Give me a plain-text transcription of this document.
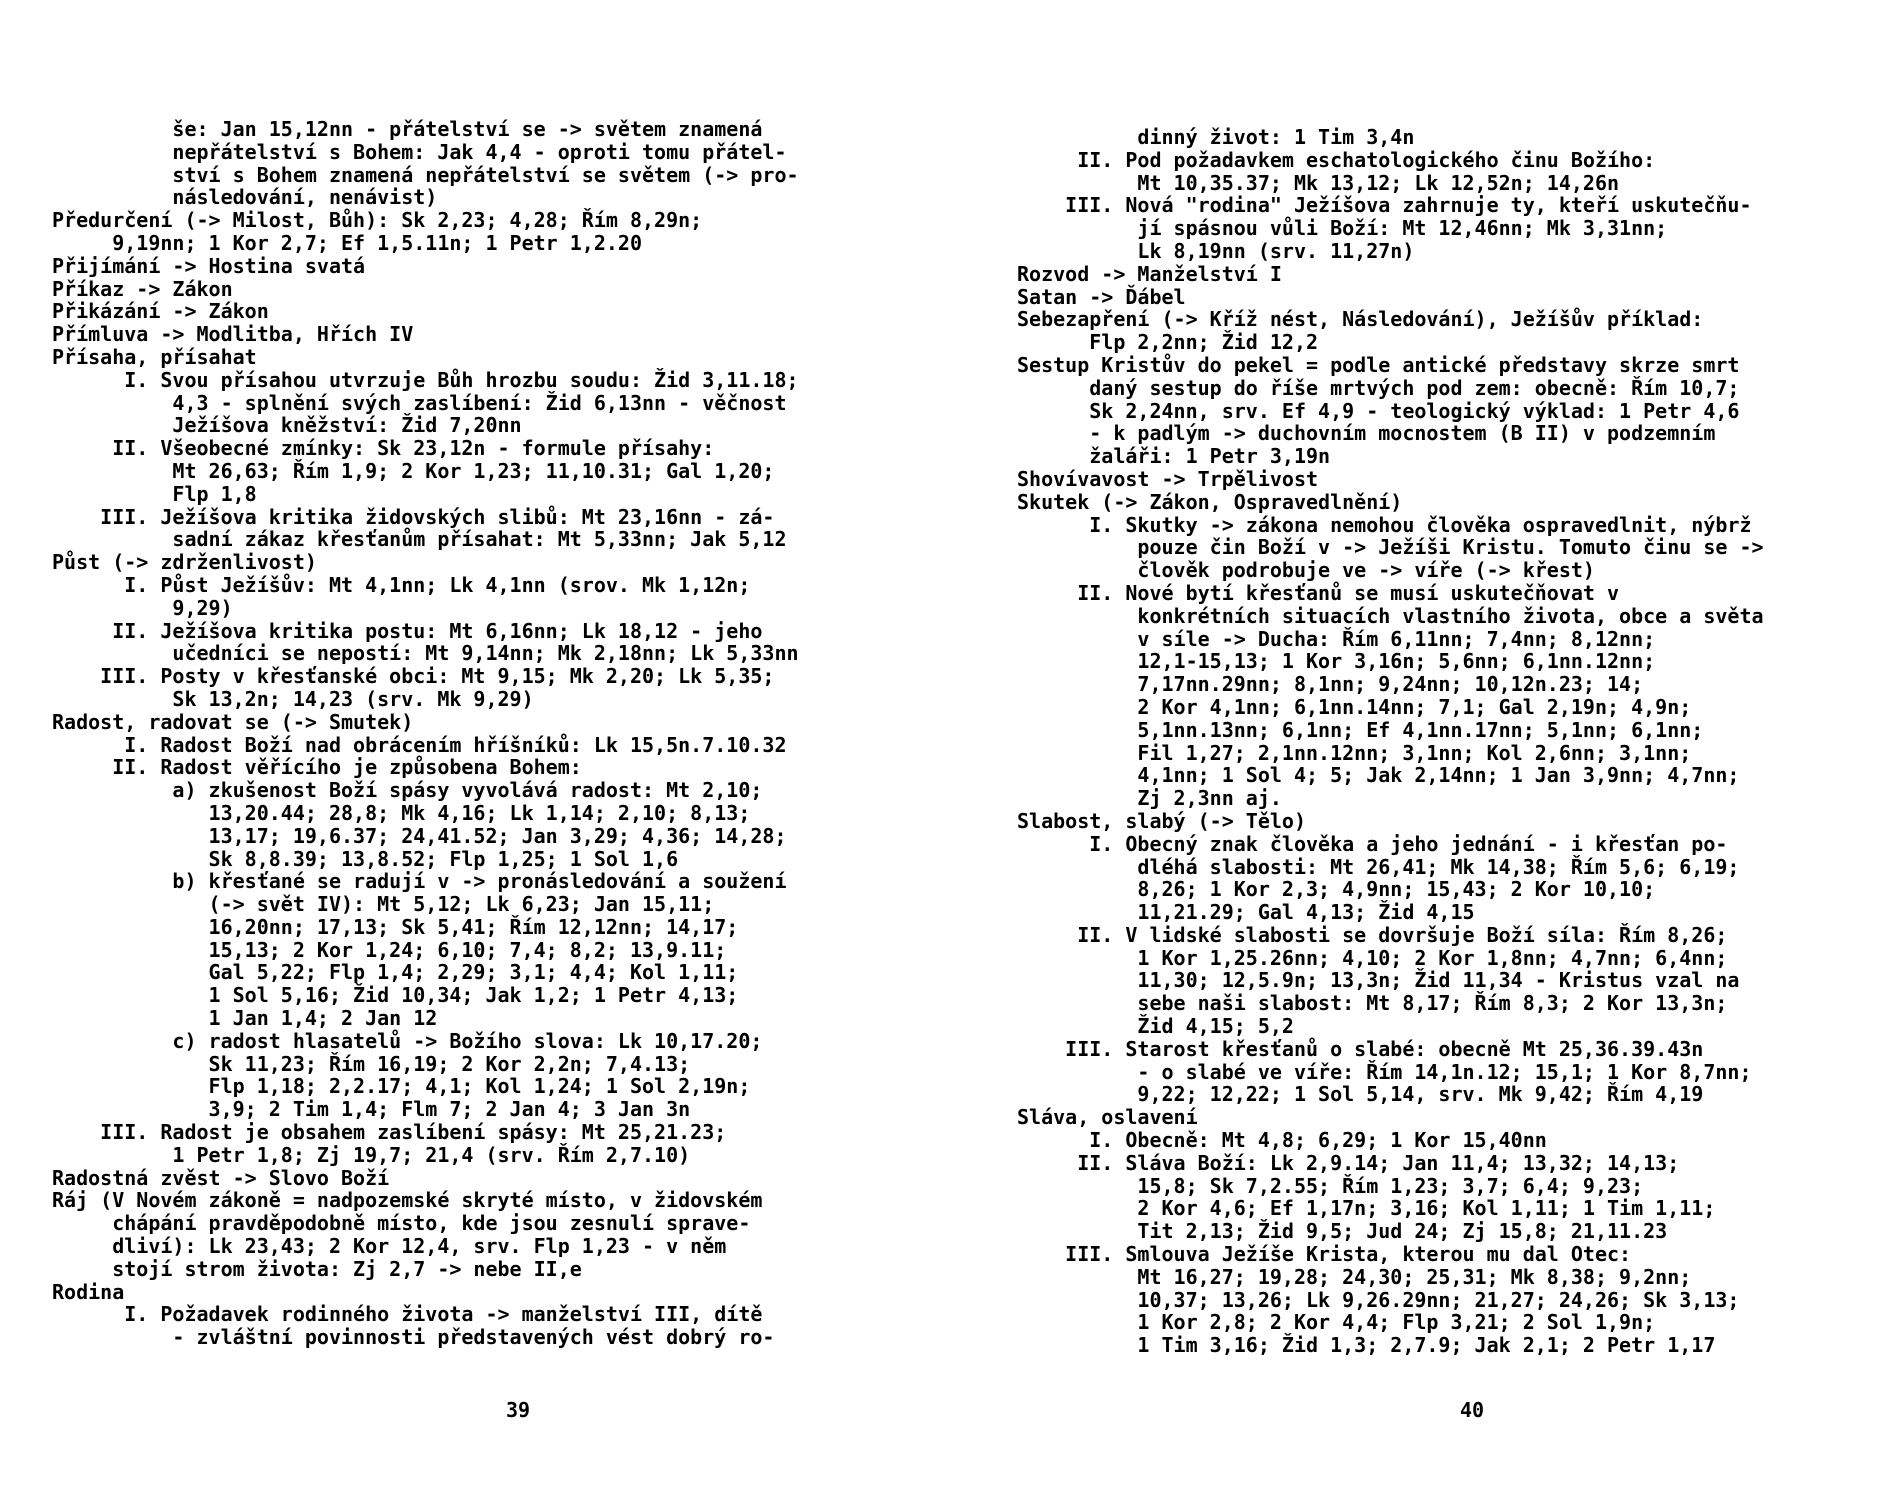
še: Jan 15,12nn - přátelství se -> světem znamená
nepřátelství s Bohem: Jak 4,4 - oproti tomu přátel-
ství s Bohem znamená nepřátelství se světem (-> pro-
následování, nenávist)
Předurčení (-> Milost, Bůh): Sk 2,23; 4,28; Řím 8,29n;
9,19nn; 1 Kor 2,7; Ef 1,5.11n; 1 Petr 1,2.20
Přijímání -> Hostina svatá
Příkaz -> Zákon
Přikázání -> Zákon
Přímluva -> Modlitba, Hřích IV
Přísaha, přísahat
I. Svou přísahou utvrzuje Bůh hrozbu soudu: Žid 3,11.18;
4,3 - splnění svých zaslíbení: Žid 6,13nn - věčnost
Ježíšova kněžství: Žid 7,20nn
II. Všeobecné zmínky: Sk 23,12n - formule přísahy:
Mt 26,63; Řím 1,9; 2 Kor 1,23; 11,10.31; Gal 1,20;
Flp 1,8
III. Ježíšova kritika židovských slibů: Mt 23,16nn - zá-
sadní zákaz křesťanům přísahat: Mt 5,33nn; Jak 5,12
Půst (-> zdrženlivost)
I. Půst Ježíšův: Mt 4,1nn; Lk 4,1nn (srov. Mk 1,12n;
9,29)
II. Ježíšova kritika postu: Mt 6,16nn; Lk 18,12 - jeho
učedníci se nepostí: Mt 9,14nn; Mk 2,18nn; Lk 5,33nn
III. Posty v křesťanské obci: Mt 9,15; Mk 2,20; Lk 5,35;
Sk 13,2n; 14,23 (srv. Mk 9,29)
Radost, radovat se (-> Smutek)
I. Radost Boží nad obrácením hříšníků: Lk 15,5n.7.10.32
II. Radost věřícího je způsobena Bohem:
a) zkušenost Boží spásy vyvolává radost: Mt 2,10;
13,20.44; 28,8; Mk 4,16; Lk 1,14; 2,10; 8,13;
13,17; 19,6.37; 24,41.52; Jan 3,29; 4,36; 14,28;
Sk 8,8.39; 13,8.52; Flp 1,25; 1 Sol 1,6
b) křesťané se radují v -> pronásledování a soužení
(-> svět IV): Mt 5,12; Lk 6,23; Jan 15,11;
16,20nn; 17,13; Sk 5,41; Řím 12,12nn; 14,17;
15,13; 2 Kor 1,24; 6,10; 7,4; 8,2; 13,9.11;
Gal 5,22; Flp 1,4; 2,29; 3,1; 4,4; Kol 1,11;
1 Sol 5,16; Žid 10,34; Jak 1,2; 1 Petr 4,13;
1 Jan 1,4; 2 Jan 12
c) radost hlasatelů -> Božího slova: Lk 10,17.20;
Sk 11,23; Řím 16,19; 2 Kor 2,2n; 7,4.13;
Flp 1,18; 2,2.17; 4,1; Kol 1,24; 1 Sol 2,19n;
3,9; 2 Tim 1,4; Flm 7; 2 Jan 4; 3 Jan 3n
III. Radost je obsahem zaslíbení spásy: Mt 25,21.23;
1 Petr 1,8; Zj 19,7; 21,4 (srv. Řím 2,7.10)
Radostná zvěst -> Slovo Boží
Ráj (V Novém zákoně = nadpozemské skryté místo, v židovském
chápání pravděpodobně místo, kde jsou zesnulí sprave-
dliví): Lk 23,43; 2 Kor 12,4, srv. Flp 1,23 - v něm
stojí strom života: Zj 2,7 -> nebe II,e
Rodina
I. Požadavek rodinného života -> manželství III, dítě
- zvláštní povinnosti představených vést dobrý ro-
39
dinný život: 1 Tim 3,4n
II. Pod požadavkem eschatologického činu Božího:
Mt 10,35.37; Mk 13,12; Lk 12,52n; 14,26n
III. Nová "rodina" Ježíšova zahrnuje ty, kteří uskutečňu-
jí spásnou vůli Boží: Mt 12,46nn; Mk 3,31nn;
Lk 8,19nn (srv. 11,27n)
Rozvod -> Manželství I
Satan -> Ďábel
Sebezapření (-> Kříž nést, Následování), Ježíšův příklad:
Flp 2,2nn; Žid 12,2
Sestup Kristův do pekel = podle antické představy skrze smrt
daný sestup do říše mrtvých pod zem: obecně: Řím 10,7;
Sk 2,24nn, srv. Ef 4,9 - teologický výklad: 1 Petr 4,6
- k padlým -> duchovním mocnostem (B II) v podzemním
žaláři: 1 Petr 3,19n
Shovívavost -> Trpělivost
Skutek (-> Zákon, Ospravedlnění)
I. Skutky -> zákona nemohou člověka ospravedlnit, nýbrž
pouze čin Boží v -> Ježíši Kristu. Tomuto činu se ->
člověk podrobuje ve -> víře (-> křest)
II. Nové bytí křesťanů se musí uskutečňovat v
konkrétních situacích vlastního života, obce a světa
v síle -> Ducha: Řím 6,11nn; 7,4nn; 8,12nn;
12,1-15,13; 1 Kor 3,16n; 5,6nn; 6,1nn.12nn;
7,17nn.29nn; 8,1nn; 9,24nn; 10,12n.23; 14;
2 Kor 4,1nn; 6,1nn.14nn; 7,1; Gal 2,19n; 4,9n;
5,1nn.13nn; 6,1nn; Ef 4,1nn.17nn; 5,1nn; 6,1nn;
Fil 1,27; 2,1nn.12nn; 3,1nn; Kol 2,6nn; 3,1nn;
4,1nn; 1 Sol 4; 5; Jak 2,14nn; 1 Jan 3,9nn; 4,7nn;
Zj 2,3nn aj.
Slabost, slabý (-> Tělo)
I. Obecný znak člověka a jeho jednání - i křesťan po-
dléhá slabosti: Mt 26,41; Mk 14,38; Řím 5,6; 6,19;
8,26; 1 Kor 2,3; 4,9nn; 15,43; 2 Kor 10,10;
11,21.29; Gal 4,13; Žid 4,15
II. V lidské slabosti se dovršuje Boží síla: Řím 8,26;
1 Kor 1,25.26nn; 4,10; 2 Kor 1,8nn; 4,7nn; 6,4nn;
11,30; 12,5.9n; 13,3n; Žid 11,34 - Kristus vzal na
sebe naši slabost: Mt 8,17; Řím 8,3; 2 Kor 13,3n;
Žid 4,15; 5,2
III. Starost křesťanů o slabé: obecně Mt 25,36.39.43n
- o slabé ve víře: Řím 14,1n.12; 15,1; 1 Kor 8,7nn;
9,22; 12,22; 1 Sol 5,14, srv. Mk 9,42; Řím 4,19
Sláva, oslavení
I. Obecně: Mt 4,8; 6,29; 1 Kor 15,40nn
II. Sláva Boží: Lk 2,9.14; Jan 11,4; 13,32; 14,13;
15,8; Sk 7,2.55; Řím 1,23; 3,7; 6,4; 9,23;
2 Kor 4,6; Ef 1,17n; 3,16; Kol 1,11; 1 Tim 1,11;
Tit 2,13; Žid 9,5; Jud 24; Zj 15,8; 21,11.23
III. Smlouva Ježíše Krista, kterou mu dal Otec:
Mt 16,27; 19,28; 24,30; 25,31; Mk 8,38; 9,2nn;
10,37; 13,26; Lk 9,26.29nn; 21,27; 24,26; Sk 3,13;
1 Kor 2,8; 2 Kor 4,4; Flp 3,21; 2 Sol 1,9n;
1 Tim 3,16; Žid 1,3; 2,7.9; Jak 2,1; 2 Petr 1,17
40
